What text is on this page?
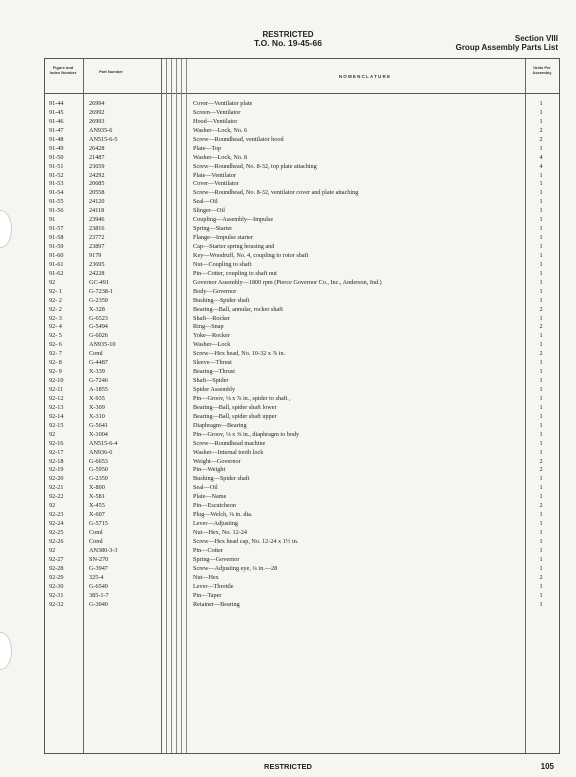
RESTRICTED
T.O. No. 19-45-66	Section VIII
Group Assembly Parts List
Figure and Index Number	Part Number
NOMENCLATURE
Units Per Assembly
91-44	26994	Cover—Ventilator plate	1
91-45	26992	Screen—Ventilator	1
91-46	26993	Hood—Ventilator	1
91-47	AN935-6	Washer—Lock, No. 6	2
91-48	AN515-6-5	Screw—Roundhead, ventilator hood	2
91-49	26428	Plate—Top	1
91-50	21487	Washer—Lock, No. 8	4
91-51	23659	Screw—Roundhead, No. 8-32, top plate attaching	4
91-52	24292	Plate—Ventilator	1
91-53	20685	Cover—Ventilator	1
91-54	20558	Screw—Roundhead, No. 8-32, ventilator cover and plate attaching	1
91-55	24120	Seal—Oil	1
91-56	24118	Slinger—Oil	1
91	23946	Coupling—Assembly—Impulse	1
91-57	23816	Spring—Starter	1
91-58	23772	Flange—Impulse starter	1
91-59	23897	Cap—Starter spring housing and	1
91-60	9179	Key—Woodruff, No. 4, coupling to rotor shaft	1
91-61	23695	Nut—Coupling to shaft	1
91-62	24228	Pin—Cotter, coupling to shaft nut	1
92	GC-491	Governor Assembly—1800 rpm (Pierce Governor Co., Inc., Anderson, Ind.)	1
92- 1	G-7238-1	Body—Governor	1
92- 2	G-2359	Bushing—Spider shaft	1
92- 2	X-328	Bearing—Ball, annular, rocker shaft	2
92- 3	G-6523	Shaft—Rocker	1
92- 4	G-5494	Ring—Snap	2
92- 5	G-6026	Yoke—Rocker	1
92- 6	AN935-10	Washer—Lock	1
92- 7	Coml	Screw—Hex head, No. 10-32 x ⅞ in.	2
92- 8	G-4487	Sleeve—Thrust	1
92- 9	X-339	Bearing—Thrust	1
92-10	G-7246	Shaft—Spider	1
92-11	A-1855	Spider Assembly	1
92-12	X-935	Pin—Groov, ⅛ x ⅞ in., spider to shaft ,	1
92-13	X-309	Bearing—Ball, spider shaft lower	1
92-14	X-310	Bearing—Ball, spider shaft upper	1
92-15	G-5641	Diaphragm—Bearing	1
92	X-1004	Pin—Groov, ⅛ x ⅜ in., diaphragm to body	1
92-16	AN515-6-4	Screw—Roundhead machine	1
92-17	AN936-6	Washer—Internal tooth lock	1
92-18	G-6653	Weight—Governor	2
92-19	G-5950	Pin—Weight	2
92-20	G-2359	Bushing—Spider shaft	1
92-21	X-800	Seal—Oil	1
92-22	X-581	Plate—Name	1
92	X-455	Pin—Escutcheon	2
92-23	X-607	Plug—Welch, ⅛ in. dia.	1
92-24	G-5715	Lever—Adjusting	1
92-25	Coml	Nut—Hex, No. 12-24	1
92-26	Coml	Screw—Hex head cap, No. 12-24 x 1½ in.	1
92	AN380-3-3	Pin—Cotter	1
92-27	SN-270	Spring—Governor	1
92-28	G-3947	Screw—Adjusting eye, ¼ in.—28	1
92-29	325-4	Nut—Hex	2
92-30	G-6549	Lever—Throttle	1
92-31	385-1-7	Pin—Taper	1
92-32	G-3040	Retainer—Bearing	1
RESTRICTED	105
